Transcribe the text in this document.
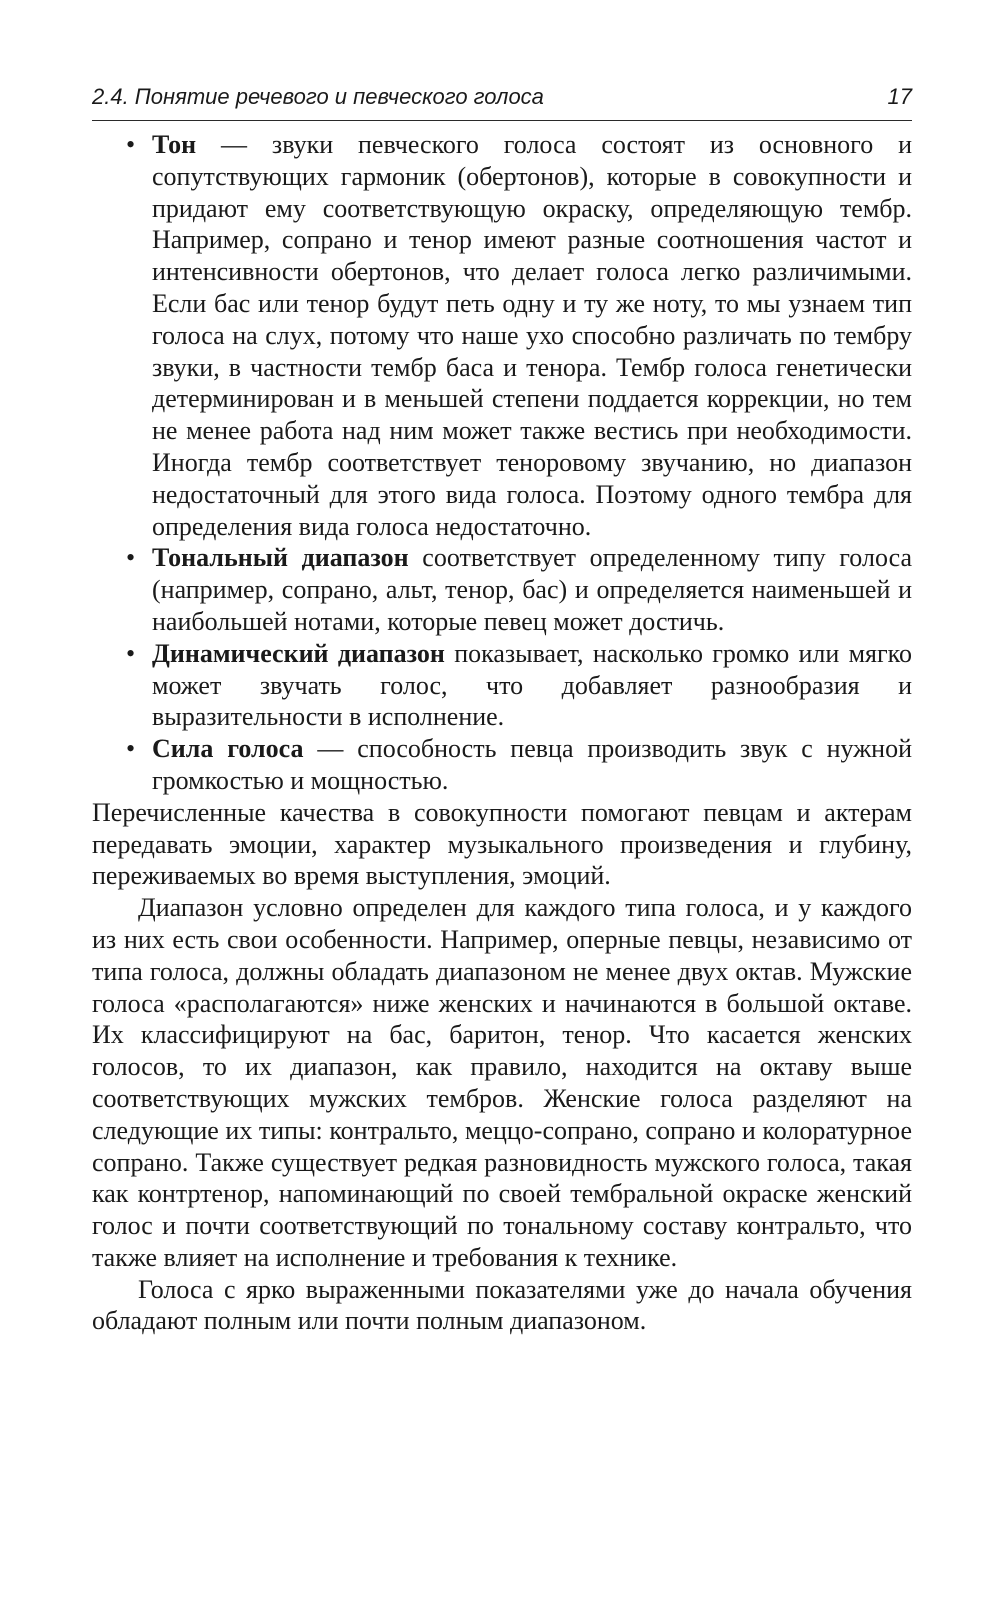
2.4. Понятие речевого и певческого голоса	17
• Тон — звуки певческого голоса состоят из основного и сопутствующих гармоник (обертонов), которые в совокупности и придают ему соответствующую окраску, определяющую тембр. Например, сопрано и тенор имеют разные соотношения частот и интенсивности обертонов, что делает голоса легко различимыми. Если бас или тенор будут петь одну и ту же ноту, то мы узнаем тип голоса на слух, потому что наше ухо способно различать по тембру звуки, в частности тембр баса и тенора. Тембр голоса генетически детерминирован и в меньшей степени поддается коррекции, но тем не менее работа над ним может также вестись при необходимости. Иногда тембр соответствует теноровому звучанию, но диапазон недостаточный для этого вида голоса. Поэтому одного тембра для определения вида голоса недостаточно.
• Тональный диапазон соответствует определенному типу голоса (например, сопрано, альт, тенор, бас) и определяется наименьшей и наибольшей нотами, которые певец может достичь.
• Динамический диапазон показывает, насколько громко или мягко может звучать голос, что добавляет разнообразия и выразительности в исполнение.
• Сила голоса — способность певца производить звук с нужной громкостью и мощностью.

Перечисленные качества в совокупности помогают певцам и актерам передавать эмоции, характер музыкального произведения и глубину, переживаемых во время выступления, эмоций.

Диапазон условно определен для каждого типа голоса, и у каждого из них есть свои особенности. Например, оперные певцы, независимо от типа голоса, должны обладать диапазоном не менее двух октав. Мужские голоса «располагаются» ниже женских и начинаются в большой октаве. Их классифицируют на бас, баритон, тенор. Что касается женских голосов, то их диапазон, как правило, находится на октаву выше соответствующих мужских тембров. Женские голоса разделяют на следующие их типы: контральто, меццо-сопрано, сопрано и колоратурное сопрано. Также существует редкая разновидность мужского голоса, такая как контртенор, напоминающий по своей тембральной окраске женский голос и почти соответствующий по тональному составу контральто, что также влияет на исполнение и требования к технике.

Голоса с ярко выраженными показателями уже до начала обучения обладают полным или почти полным диапазоном.
